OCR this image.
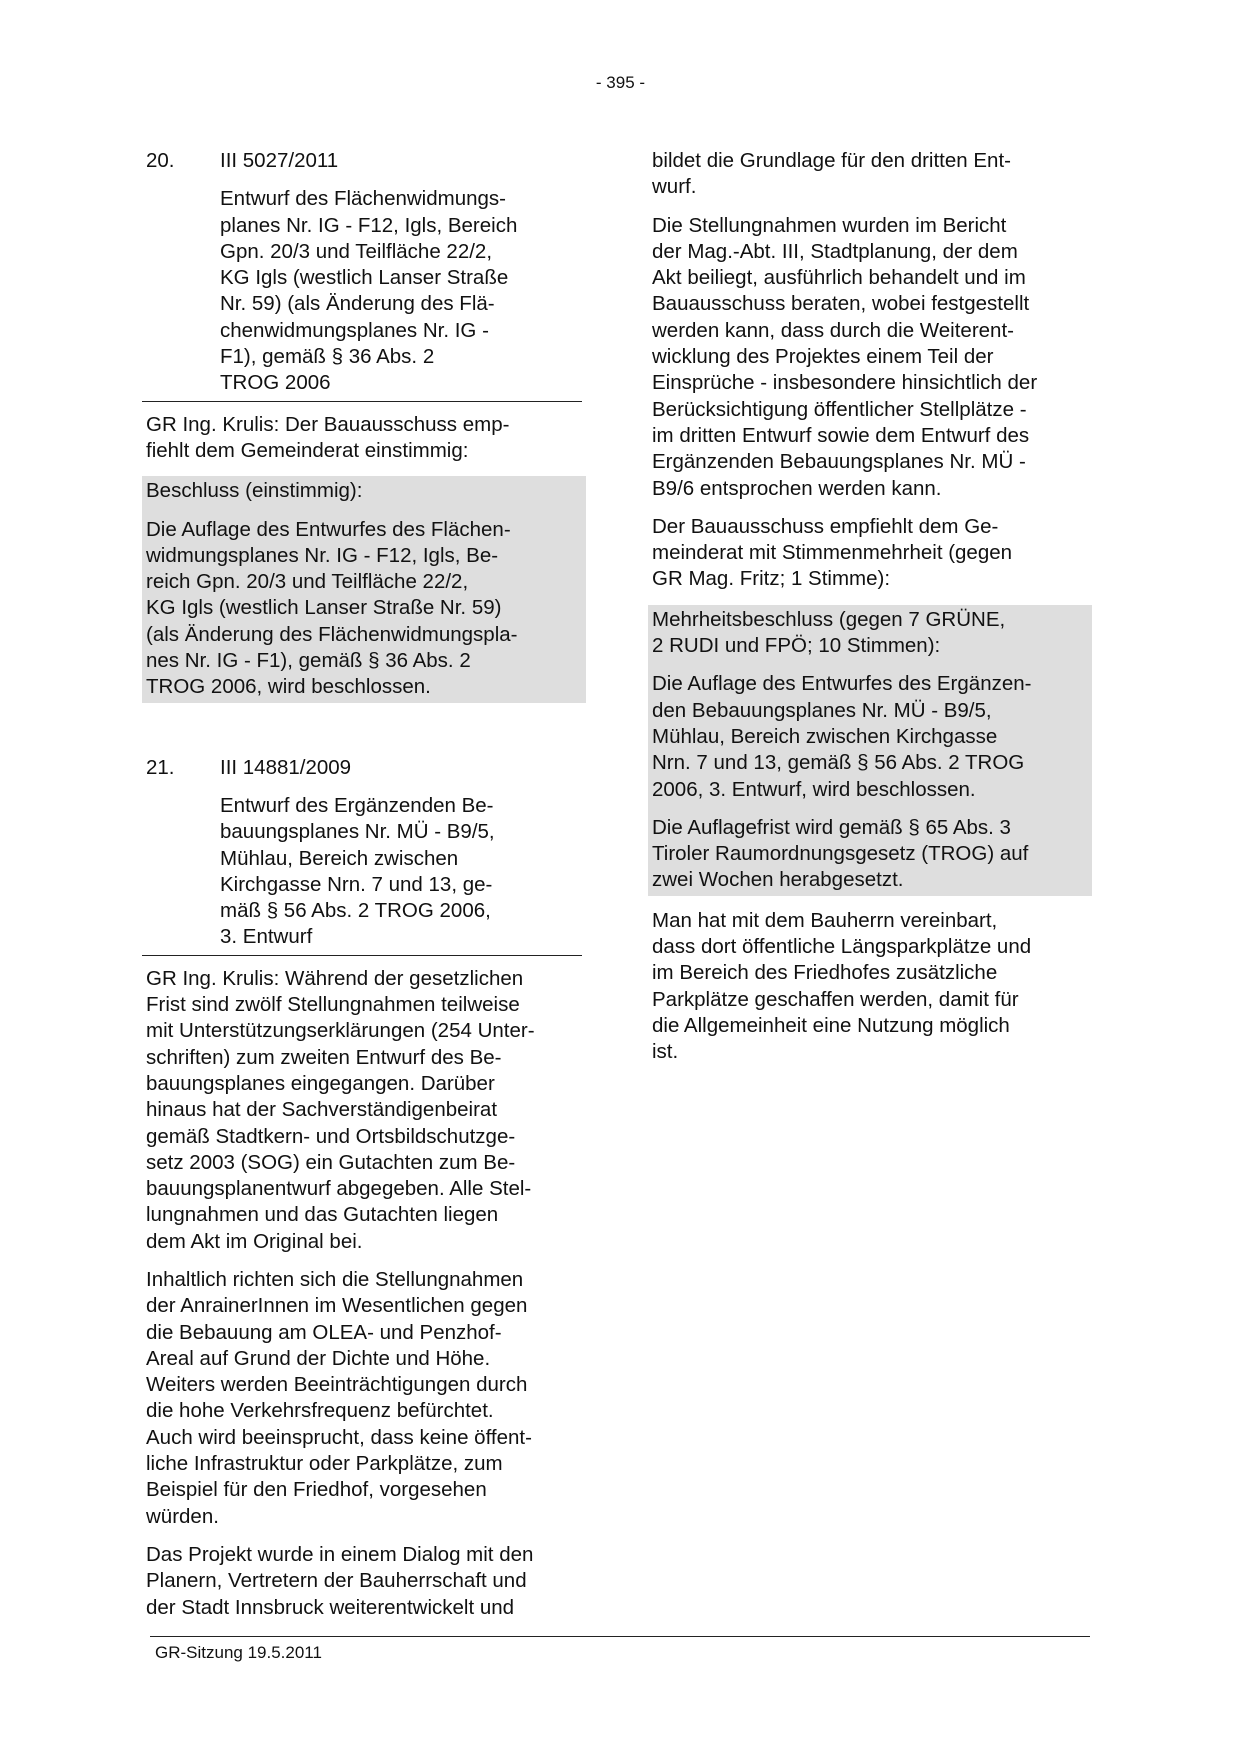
- 395 -
20.	III 5027/2011

Entwurf des Flächenwidmungs-
planes Nr. IG - F12, Igls, Bereich
Gpn. 20/3 und Teilfläche 22/2,
KG Igls (westlich Lanser Straße
Nr. 59) (als Änderung des Flä-
chenwidmungsplanes Nr. IG -
F1), gemäß § 36 Abs. 2
TROG 2006

GR Ing. Krulis: Der Bauausschuss emp-
fiehlt dem Gemeinderat einstimmig:

Beschluss (einstimmig):

Die Auflage des Entwurfes des Flächen-
widmungsplanes Nr. IG - F12, Igls, Be-
reich Gpn. 20/3 und Teilfläche 22/2,
KG Igls (westlich Lanser Straße Nr. 59)
(als Änderung des Flächenwidmungspla-
nes Nr. IG - F1), gemäß § 36 Abs. 2
TROG 2006, wird beschlossen.

21.	III 14881/2009

Entwurf des Ergänzenden Be-
bauungsplanes Nr. MÜ - B9/5,
Mühlau, Bereich zwischen
Kirchgasse Nrn. 7 und 13, ge-
mäß § 56 Abs. 2 TROG 2006,
3. Entwurf

GR Ing. Krulis: Während der gesetzlichen
Frist sind zwölf Stellungnahmen teilweise
mit Unterstützungserklärungen (254 Unter-
schriften) zum zweiten Entwurf des Be-
bauungsplanes eingegangen. Darüber
hinaus hat der Sachverständigenbeirat
gemäß Stadtkern- und Ortsbildschutzge-
setz 2003 (SOG) ein Gutachten zum Be-
bauungsplanentwurf abgegeben. Alle Stel-
lungnahmen und das Gutachten liegen
dem Akt im Original bei.

Inhaltlich richten sich die Stellungnahmen
der AnrainerInnen im Wesentlichen gegen
die Bebauung am OLEA- und Penzhof-
Areal auf Grund der Dichte und Höhe.
Weiters werden Beeinträchtigungen durch
die hohe Verkehrsfrequenz befürchtet.
Auch wird beeinsprucht, dass keine öffent-
liche Infrastruktur oder Parkplätze, zum
Beispiel für den Friedhof, vorgesehen
würden.

Das Projekt wurde in einem Dialog mit den
Planern, Vertretern der Bauherrschaft und
der Stadt Innsbruck weiterentwickelt und

bildet die Grundlage für den dritten Ent-
wurf.

Die Stellungnahmen wurden im Bericht
der Mag.-Abt. III, Stadtplanung, der dem
Akt beiliegt, ausführlich behandelt und im
Bauausschuss beraten, wobei festgestellt
werden kann, dass durch die Weiterent-
wicklung des Projektes einem Teil der
Einsprüche - insbesondere hinsichtlich der
Berücksichtigung öffentlicher Stellplätze -
im dritten Entwurf sowie dem Entwurf des
Ergänzenden Bebauungsplanes Nr. MÜ -
B9/6 entsprochen werden kann.

Der Bauausschuss empfiehlt dem Ge-
meinderat mit Stimmenmehrheit (gegen
GR Mag. Fritz; 1 Stimme):

Mehrheitsbeschluss (gegen 7 GRÜNE,
2 RUDI und FPÖ; 10 Stimmen):

Die Auflage des Entwurfes des Ergänzen-
den Bebauungsplanes Nr. MÜ - B9/5,
Mühlau, Bereich zwischen Kirchgasse
Nrn. 7 und 13, gemäß § 56 Abs. 2 TROG
2006, 3. Entwurf, wird beschlossen.

Die Auflagefrist wird gemäß § 65 Abs. 3
Tiroler Raumordnungsgesetz (TROG) auf
zwei Wochen herabgesetzt.

Man hat mit dem Bauherrn vereinbart,
dass dort öffentliche Längsparkplätze und
im Bereich des Friedhofes zusätzliche
Parkplätze geschaffen werden, damit für
die Allgemeinheit eine Nutzung möglich
ist.

GR-Sitzung 19.5.2011
